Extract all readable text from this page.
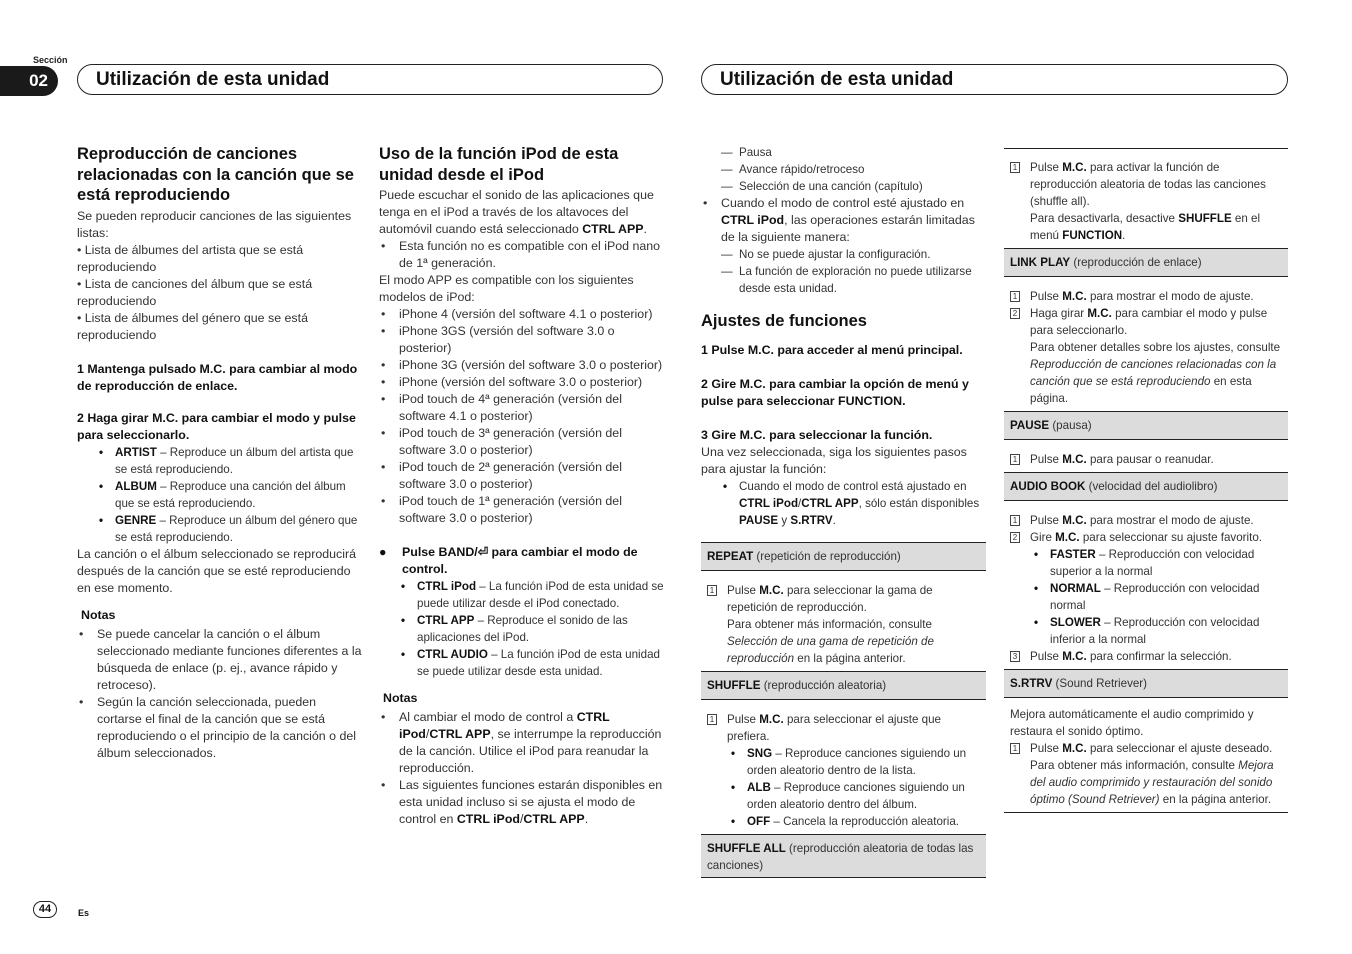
Sección
02	Utilización de esta unidad	Utilización de esta unidad
Reproducción de canciones relacionadas con la canción que se está reproduciendo

Se pueden reproducir canciones de las siguientes listas:

• Lista de álbumes del artista que se está reproduciendo

• Lista de canciones del álbum que se está reproduciendo

• Lista de álbumes del género que se está reproduciendo

1 Mantenga pulsado M.C. para cambiar al modo de reproducción de enlace.

2 Haga girar M.C. para cambiar el modo y pulse para seleccionarlo.

• ARTIST – Reproduce un álbum del artista que se está reproduciendo.
• ALBUM – Reproduce una canción del álbum que se está reproduciendo.
• GENRE – Reproduce un álbum del género que se está reproduciendo.

La canción o el álbum seleccionado se reproducirá después de la canción que se esté reproduciendo en ese momento.

Notas

• Se puede cancelar la canción o el álbum seleccionado mediante funciones diferentes a la búsqueda de enlace (p. ej., avance rápido y retroceso).
• Según la canción seleccionada, pueden cortarse el final de la canción que se está reproduciendo o el principio de la canción o del álbum seleccionados.
Uso de la función iPod de esta unidad desde el iPod

Puede escuchar el sonido de las aplicaciones que tenga en el iPod a través de los altavoces del automóvil cuando está seleccionado CTRL APP.

• Esta función no es compatible con el iPod nano de 1ª generación.

El modo APP es compatible con los siguientes modelos de iPod:

• iPhone 4 (versión del software 4.1 o posterior)
• iPhone 3GS (versión del software 3.0 o posterior)
• iPhone 3G (versión del software 3.0 o posterior)
• iPhone (versión del software 3.0 o posterior)
• iPod touch de 4ª generación (versión del software 4.1 o posterior)
• iPod touch de 3ª generación (versión del software 3.0 o posterior)
• iPod touch de 2ª generación (versión del software 3.0 o posterior)
• iPod touch de 1ª generación (versión del software 3.0 o posterior)

● Pulse BAND/⏎ para cambiar el modo de control.

• CTRL iPod – La función iPod de esta unidad se puede utilizar desde el iPod conectado.
• CTRL APP – Reproduce el sonido de las aplicaciones del iPod.
• CTRL AUDIO – La función iPod de esta unidad se puede utilizar desde esta unidad.

Notas

• Al cambiar el modo de control a CTRL iPod/CTRL APP, se interrumpe la reproducción de la canción. Utilice el iPod para reanudar la reproducción.
• Las siguientes funciones estarán disponibles en esta unidad incluso si se ajusta el modo de control en CTRL iPod/CTRL APP.
— Pausa
— Avance rápido/retroceso
— Selección de una canción (capítulo)
• Cuando el modo de control esté ajustado en CTRL iPod, las operaciones estarán limitadas de la siguiente manera:
— No se puede ajustar la configuración.
— La función de exploración no puede utilizarse desde esta unidad.
Ajustes de funciones

1 Pulse M.C. para acceder al menú principal.

2 Gire M.C. para cambiar la opción de menú y pulse para seleccionar FUNCTION.

3 Gire M.C. para seleccionar la función.

Una vez seleccionada, siga los siguientes pasos para ajustar la función:

• Cuando el modo de control está ajustado en CTRL iPod/CTRL APP, sólo están disponibles PAUSE y S.RTRV.
REPEAT (repetición de reproducción)
1 Pulse M.C. para seleccionar la gama de repetición de reproducción.
Para obtener más información, consulte Selección de una gama de repetición de reproducción en la página anterior.
SHUFFLE (reproducción aleatoria)
1 Pulse M.C. para seleccionar el ajuste que prefiera.
• SNG – Reproduce canciones siguiendo un orden aleatorio dentro de la lista.
• ALB – Reproduce canciones siguiendo un orden aleatorio dentro del álbum.
• OFF – Cancela la reproducción aleatoria.
SHUFFLE ALL (reproducción aleatoria de todas las canciones)
1 Pulse M.C. para activar la función de reproducción aleatoria de todas las canciones (shuffle all).
Para desactivarla, desactive SHUFFLE en el menú FUNCTION.
LINK PLAY (reproducción de enlace)
1 Pulse M.C. para mostrar el modo de ajuste.
2 Haga girar M.C. para cambiar el modo y pulse para seleccionarlo.
Para obtener detalles sobre los ajustes, consulte Reproducción de canciones relacionadas con la canción que se está reproduciendo en esta página.
PAUSE (pausa)
1 Pulse M.C. para pausar o reanudar.
AUDIO BOOK (velocidad del audiolibro)
1 Pulse M.C. para mostrar el modo de ajuste.
2 Gire M.C. para seleccionar su ajuste favorito.
• FASTER – Reproducción con velocidad superior a la normal
• NORMAL – Reproducción con velocidad normal
• SLOWER – Reproducción con velocidad inferior a la normal
3 Pulse M.C. para confirmar la selección.
S.RTRV (Sound Retriever)
Mejora automáticamente el audio comprimido y restaura el sonido óptimo.
1 Pulse M.C. para seleccionar el ajuste deseado.
Para obtener más información, consulte Mejora del audio comprimido y restauración del sonido óptimo (Sound Retriever) en la página anterior.
44	Es
